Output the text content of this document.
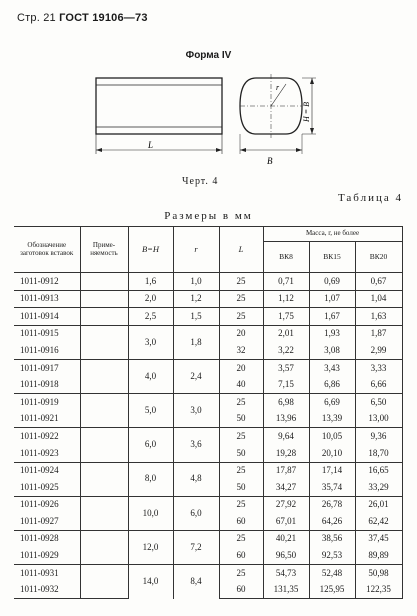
Стр. 21 ГОСТ 19106—73
Форма IV
L
r
B
H = B
Черт. 4
Таблица 4
Размеры в мм
Обозначение заготовок вставок	Приме- няемость	B=H	r	L	Масса, г, не более		
					ВК8	ВК15	ВК20
1011-0912		1,6	1,0	25	0,71	0,69	0,67
1011-0913		2,0	1,2	25	1,12	1,07	1,04
1011-0914		2,5	1,5	25	1,75	1,67	1,63
1011-0915		3,0	1,8	20	2,01	1,93	1,87
1011-0916				32	3,22	3,08	2,99
1011-0917		4,0	2,4	20	3,57	3,43	3,33
1011-0918				40	7,15	6,86	6,66
1011-0919		5,0	3,0	25	6,98	6,69	6,50
1011-0921				50	13,96	13,39	13,00
1011-0922		6,0	3,6	25	9,64	10,05	9,36
1011-0923				50	19,28	20,10	18,70
1011-0924		8,0	4,8	25	17,87	17,14	16,65
1011-0925				50	34,27	35,74	33,29
1011-0926		10,0	6,0	25	27,92	26,78	26,01
1011-0927				60	67,01	64,26	62,42
1011-0928		12,0	7,2	25	40,21	38,56	37,45
1011-0929				60	96,50	92,53	89,89
1011-0931		14,0	8,4	25	54,73	52,48	50,98
1011-0932				60	131,35	125,95	122,35
